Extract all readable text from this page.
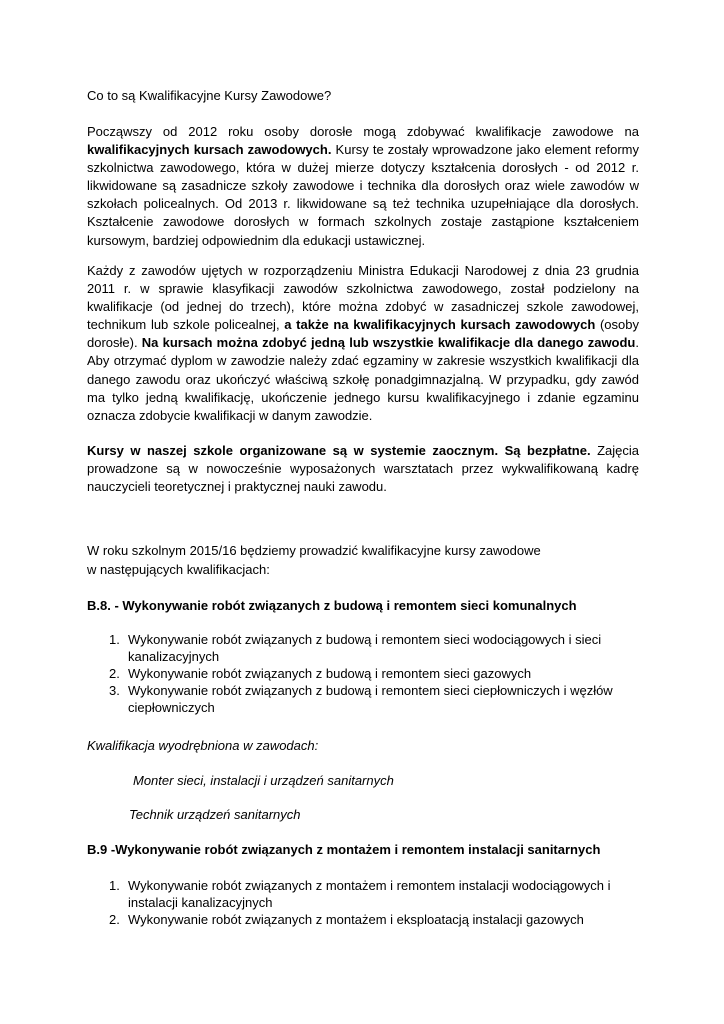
Co to są Kwalifikacyjne Kursy Zawodowe?

Począwszy od 2012 roku osoby dorosłe mogą zdobywać kwalifikacje zawodowe na kwalifikacyjnych kursach zawodowych. Kursy te zostały wprowadzone jako element reformy szkolnictwa zawodowego, która w dużej mierze dotyczy kształcenia dorosłych - od 2012 r. likwidowane są zasadnicze szkoły zawodowe i technika dla dorosłych oraz wiele zawodów w szkołach policealnych. Od 2013 r. likwidowane są też technika uzupełniające dla dorosłych. Kształcenie zawodowe dorosłych w formach szkolnych zostaje zastąpione kształceniem kursowym, bardziej odpowiednim dla edukacji ustawicznej.

Każdy z zawodów ujętych w rozporządzeniu Ministra Edukacji Narodowej z dnia 23 grudnia 2011 r. w sprawie klasyfikacji zawodów szkolnictwa zawodowego, został podzielony na kwalifikacje (od jednej do trzech), które można zdobyć w zasadniczej szkole zawodowej, technikum lub szkole policealnej, a także na kwalifikacyjnych kursach zawodowych (osoby dorosłe). Na kursach można zdobyć jedną lub wszystkie kwalifikacje dla danego zawodu. Aby otrzymać dyplom w zawodzie należy zdać egzaminy w zakresie wszystkich kwalifikacji dla danego zawodu oraz ukończyć właściwą szkołę ponadgimnazjalną. W przypadku, gdy zawód ma tylko jedną kwalifikację, ukończenie jednego kursu kwalifikacyjnego i zdanie egzaminu oznacza zdobycie kwalifikacji w danym zawodzie.

Kursy w naszej szkole organizowane są w systemie zaocznym. Są bezpłatne. Zajęcia prowadzone są w nowocześnie wyposażonych warsztatach przez wykwalifikowaną kadrę nauczycieli teoretycznej i praktycznej nauki zawodu.

W roku szkolnym 2015/16 będziemy prowadzić kwalifikacyjne kursy zawodowe
w następujących kwalifikacjach:
B.8. - Wykonywanie robót związanych z budową i remontem sieci komunalnych
1. Wykonywanie robót związanych z budową i remontem sieci wodociągowych i sieci kanalizacyjnych
2. Wykonywanie robót związanych z budową i remontem sieci gazowych
3. Wykonywanie robót związanych z budową i remontem sieci ciepłowniczych i węzłów ciepłowniczych
Kwalifikacja wyodrębniona w zawodach:
Monter sieci, instalacji i urządzeń sanitarnych
Technik urządzeń sanitarnych
B.9 -Wykonywanie robót związanych z montażem i remontem instalacji sanitarnych
1. Wykonywanie robót związanych z montażem i remontem instalacji wodociągowych i instalacji kanalizacyjnych
2. Wykonywanie robót związanych z montażem i eksploatacją instalacji gazowych
